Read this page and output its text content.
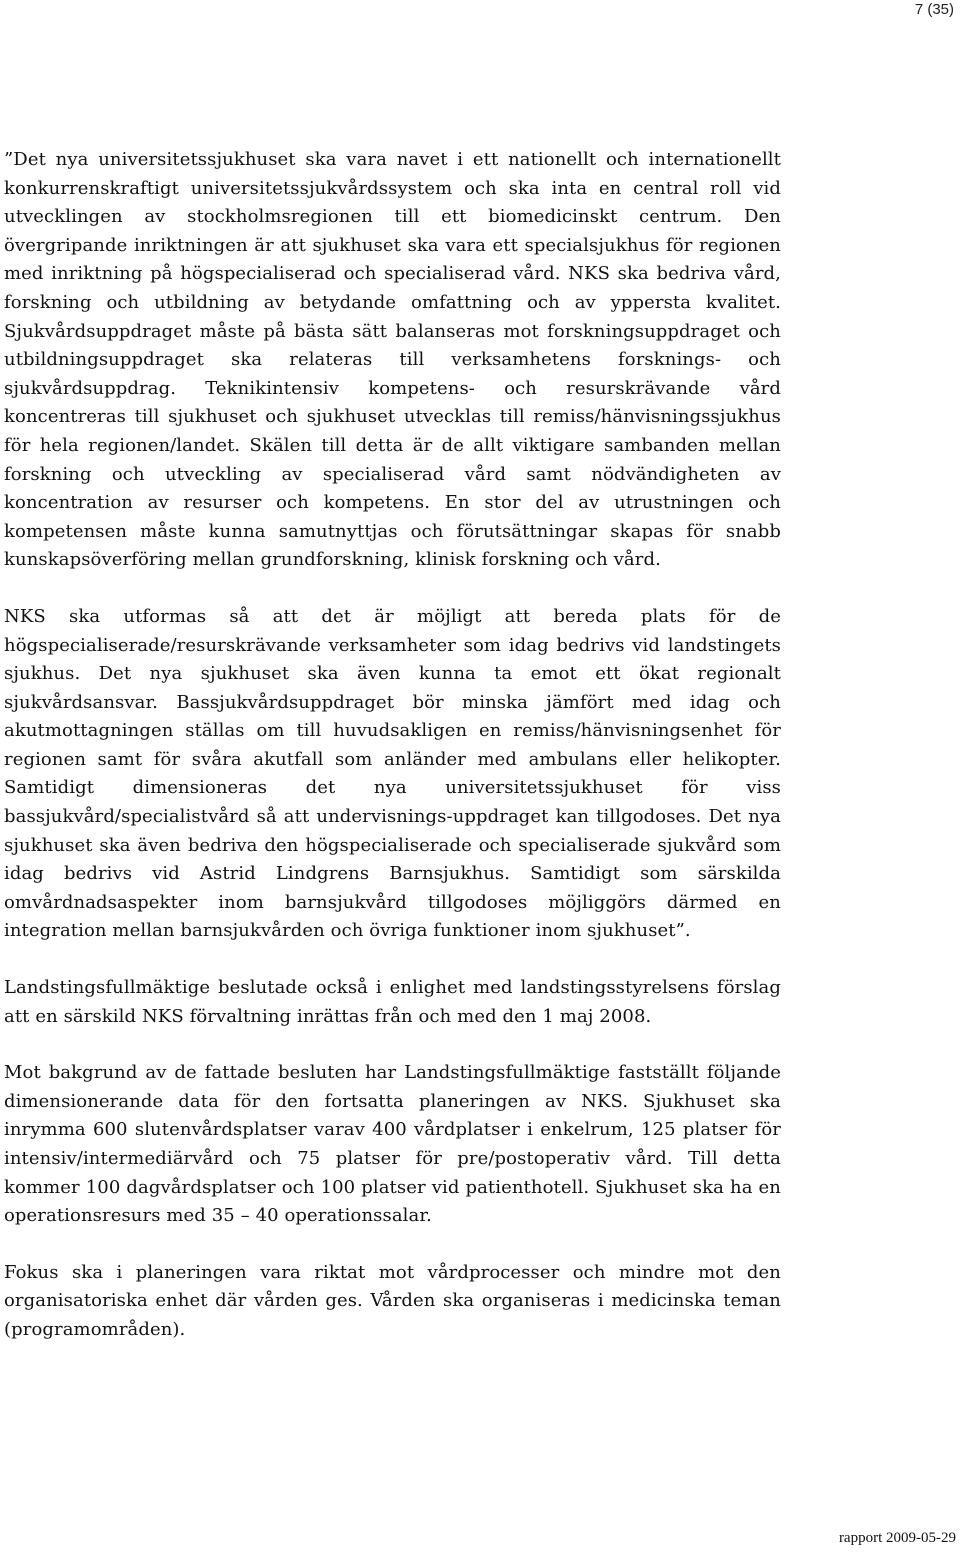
7 (35)

”Det nya universitetssjukhuset ska vara navet i ett nationellt och internationellt konkurrenskraftigt universitetssjukvårdssystem och ska inta en central roll vid utvecklingen av stockholmsregionen till ett biomedicinskt centrum. Den övergripande inriktningen är att sjukhuset ska vara ett specialsjukhus för regionen med inriktning på högspecialiserad och specialiserad vård. NKS ska bedriva vård, forskning och utbildning av betydande omfattning och av yppersta kvalitet. Sjukvårdsuppdraget måste på bästa sätt balanseras mot forskningsuppdraget och utbildningsuppdraget ska relateras till verksamhetens forsknings- och sjukvårdsuppdrag. Teknikintensiv kompetens- och resurskrävande vård koncentreras till sjukhuset och sjukhuset utvecklas till remiss/hänvisningssjukhus för hela regionen/landet. Skälen till detta är de allt viktigare sambanden mellan forskning och utveckling av specialiserad vård samt nödvändigheten av koncentration av resurser och kompetens. En stor del av utrustningen och kompetensen måste kunna samutnyttjas och förutsättningar skapas för snabb kunskapsöverföring mellan grundforskning, klinisk forskning och vård.

NKS ska utformas så att det är möjligt att bereda plats för de högspecialiserade/resurskrävande verksamheter som idag bedrivs vid landstingets sjukhus. Det nya sjukhuset ska även kunna ta emot ett ökat regionalt sjukvårdsansvar. Bassjukvårdsuppdraget bör minska jämfört med idag och akutmottagningen ställas om till huvudsakligen en remiss/hänvisningsenhet för regionen samt för svåra akutfall som anländer med ambulans eller helikopter. Samtidigt dimensioneras det nya universitetssjukhuset för viss bassjukvård/specialistvård så att undervisnings-uppdraget kan tillgodoses. Det nya sjukhuset ska även bedriva den högspecialiserade och specialiserade sjukvård som idag bedrivs vid Astrid Lindgrens Barnsjukhus. Samtidigt som särskilda omvårdnadsaspekter inom barnsjukvård tillgodoses möjliggörs därmed en integration mellan barnsjukvården och övriga funktioner inom sjukhuset”.

Landstingsfullmäktige beslutade också i enlighet med landstingsstyrelsens förslag att en särskild NKS förvaltning inrättas från och med den 1 maj 2008.

Mot bakgrund av de fattade besluten har Landstingsfullmäktige fastställt följande dimensionerande data för den fortsatta planeringen av NKS. Sjukhuset ska inrymma 600 slutenvårdsplatser varav 400 vårdplatser i enkelrum, 125 platser för intensiv/intermediärvård och 75 platser för pre/postoperativ vård. Till detta kommer 100 dagvårdsplatser och 100 platser vid patienthotell. Sjukhuset ska ha en operationsresurs med 35 – 40 operationssalar.

Fokus ska i planeringen vara riktat mot vårdprocesser och mindre mot den organisatoriska enhet där vården ges. Vården ska organiseras i medicinska teman (programområden).

rapport 2009-05-29
